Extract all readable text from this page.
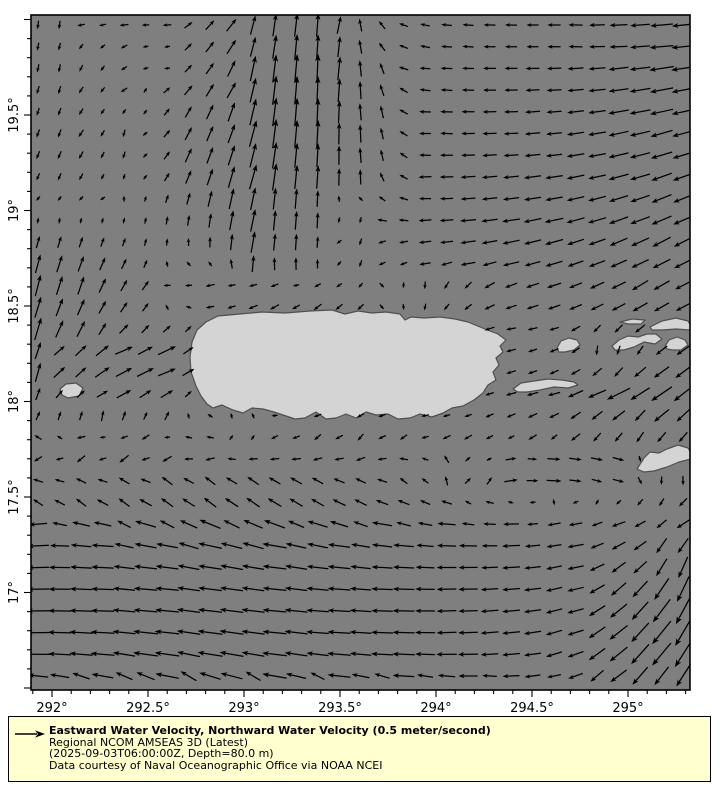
292°	292.5°	293°	293.5°	294°	294.5°	295°
19.5°
19°
18.5°
18°
17.5°
17°
Eastward Water Velocity, Northward Water Velocity (0.5 meter/second)
Regional NCOM AMSEAS 3D (Latest)
(2025-09-03T06:00:00Z, Depth=80.0 m)
Data courtesy of Naval Oceanographic Office via NOAA NCEI
